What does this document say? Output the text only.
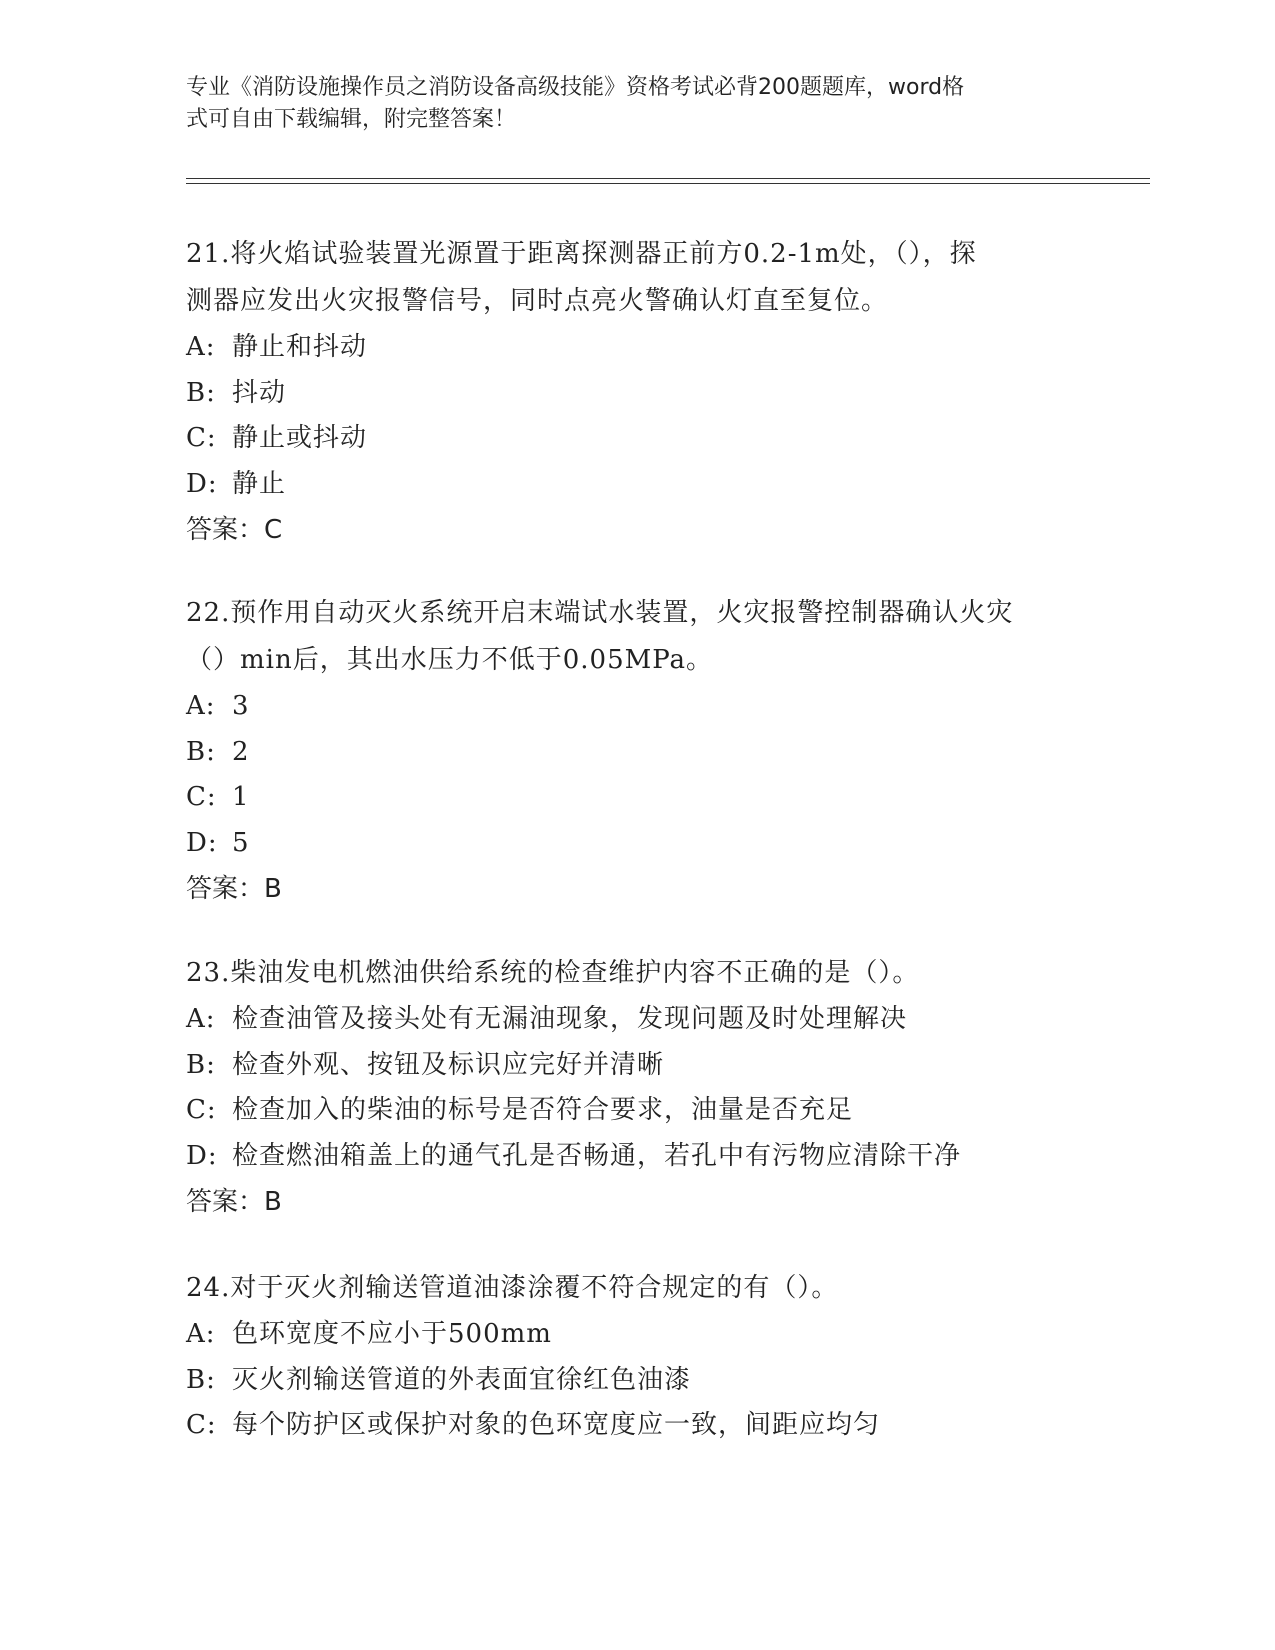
专业《消防设施操作员之消防设备高级技能》资格考试必背200题题库，word格
式可自由下载编辑，附完整答案！
21.将火焰试验装置光源置于距离探测器正前方0.2-1m处，（），探
测器应发出火灾报警信号，同时点亮火警确认灯直至复位。
A: 静止和抖动
B: 抖动
C: 静止或抖动
D: 静止
答案：C
22.预作用自动灭火系统开启末端试水装置，火灾报警控制器确认火灾
（）min后，其出水压力不低于0.05MPa。
A: 3
B: 2
C: 1
D: 5
答案：B
23.柴油发电机燃油供给系统的检查维护内容不正确的是（）。
A: 检查油管及接头处有无漏油现象，发现问题及时处理解决
B: 检查外观、按钮及标识应完好并清晰
C: 检查加入的柴油的标号是否符合要求，油量是否充足
D: 检查燃油箱盖上的通气孔是否畅通，若孔中有污物应清除干净
答案：B
24.对于灭火剂输送管道油漆涂覆不符合规定的有（）。
A: 色环宽度不应小于500mm
B: 灭火剂输送管道的外表面宜徐红色油漆
C: 每个防护区或保护对象的色环宽度应一致，间距应均匀
